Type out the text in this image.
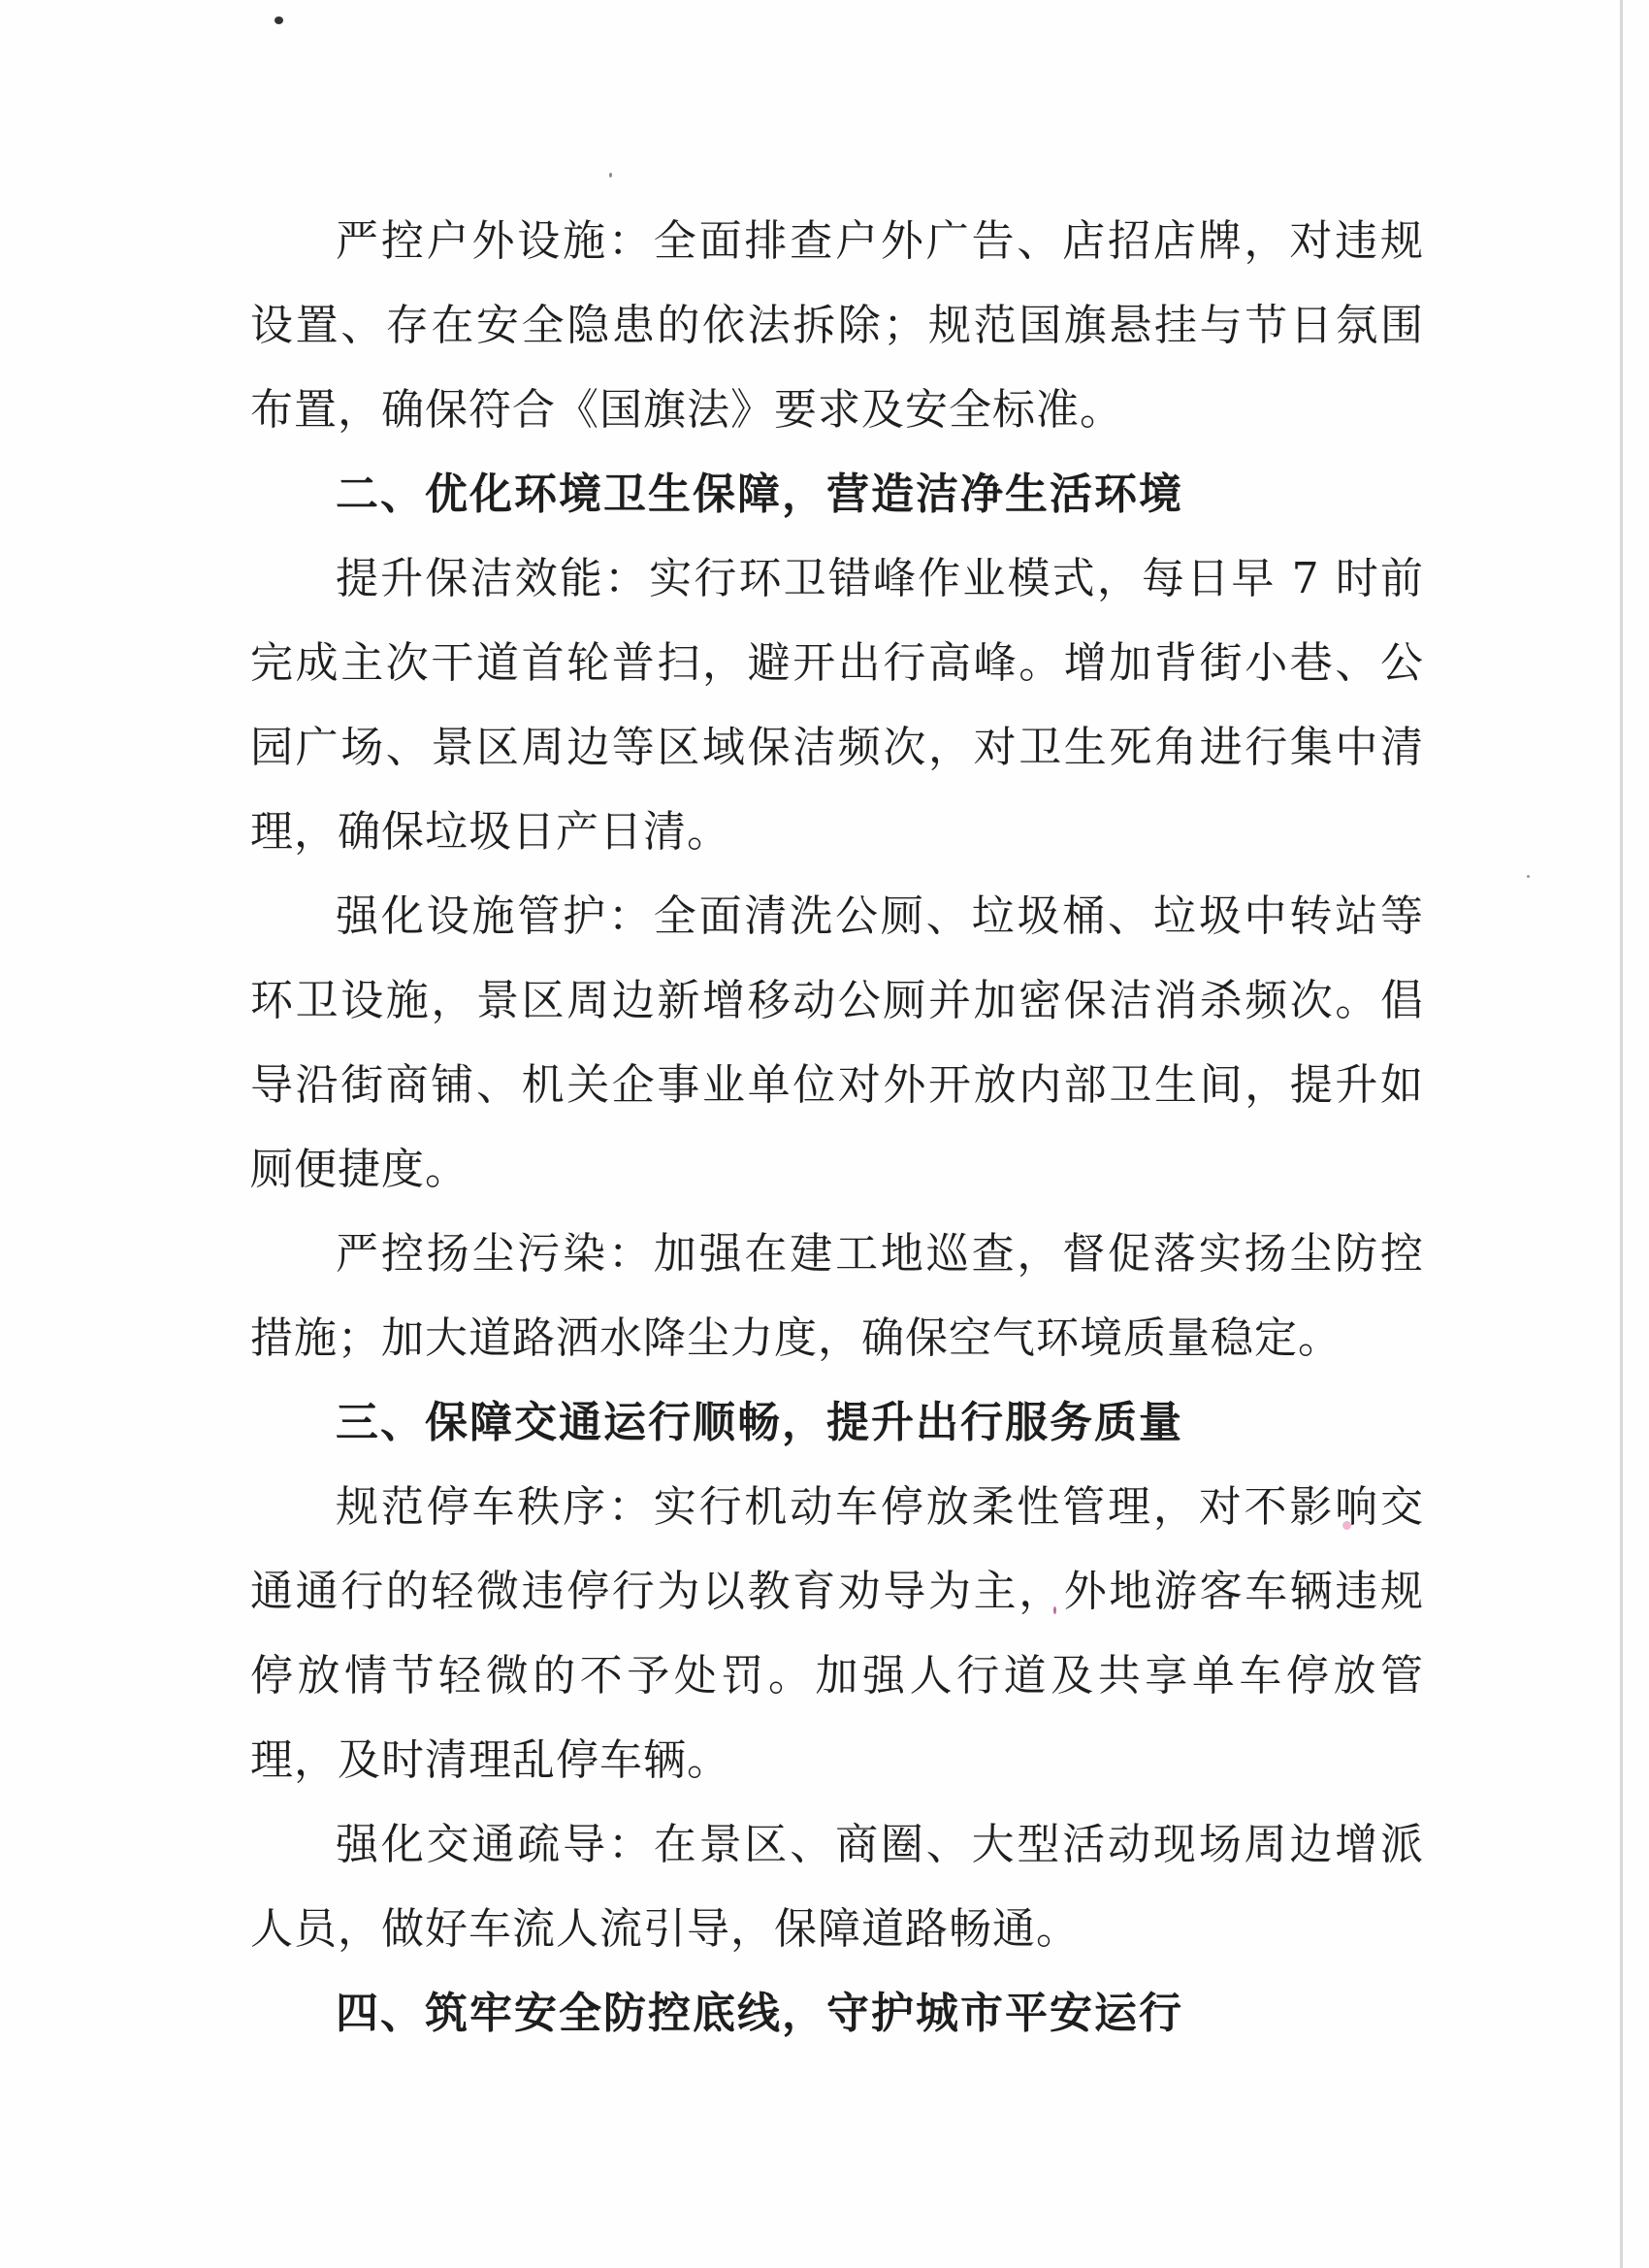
严控户外设施：全面排查户外广告、店招店牌，对违规设置、存在安全隐患的依法拆除；规范国旗悬挂与节日氛围布置，确保符合《国旗法》要求及安全标准。

二、优化环境卫生保障，营造洁净生活环境

提升保洁效能：实行环卫错峰作业模式，每日早 7 时前完成主次干道首轮普扫，避开出行高峰。增加背街小巷、公园广场、景区周边等区域保洁频次，对卫生死角进行集中清理，确保垃圾日产日清。

强化设施管护：全面清洗公厕、垃圾桶、垃圾中转站等环卫设施，景区周边新增移动公厕并加密保洁消杀频次。倡导沿街商铺、机关企事业单位对外开放内部卫生间，提升如厕便捷度。

严控扬尘污染：加强在建工地巡查，督促落实扬尘防控措施；加大道路洒水降尘力度，确保空气环境质量稳定。

三、保障交通运行顺畅，提升出行服务质量

规范停车秩序：实行机动车停放柔性管理，对不影响交通通行的轻微违停行为以教育劝导为主，外地游客车辆违规停放情节轻微的不予处罚。加强人行道及共享单车停放管理，及时清理乱停车辆。

强化交通疏导：在景区、商圈、大型活动现场周边增派人员，做好车流人流引导，保障道路畅通。

四、筑牢安全防控底线，守护城市平安运行
